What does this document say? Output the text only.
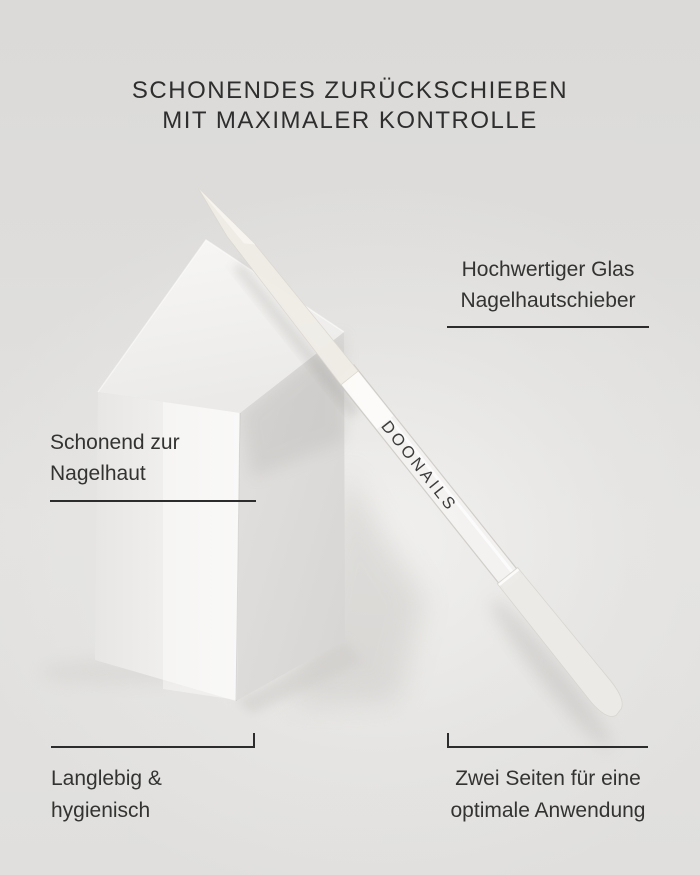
DOONAILS
SCHONENDES ZURÜCKSCHIEBEN
MIT MAXIMALER KONTROLLE
Hochwertiger Glas
Nagelhautschieber
Schonend zur
Nagelhaut
Langlebig &
hygienisch
Zwei Seiten für eine
optimale Anwendung
